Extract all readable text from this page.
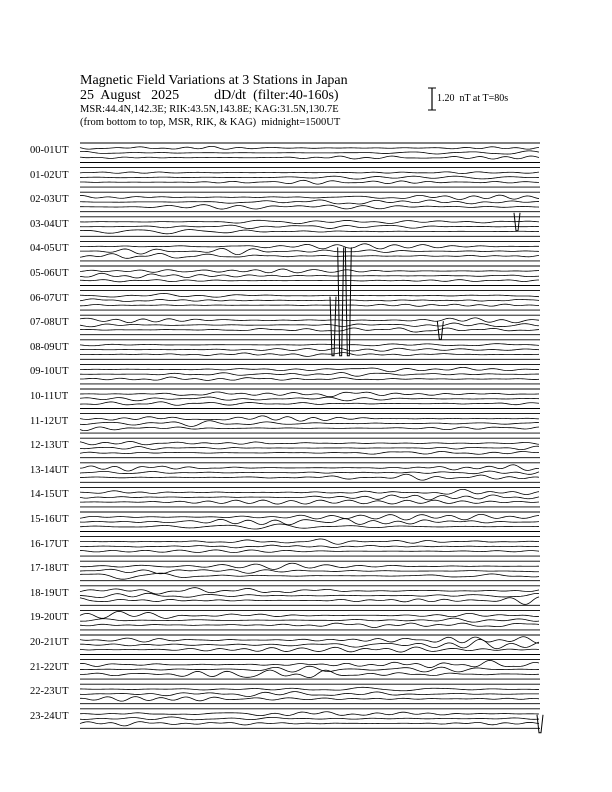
Magnetic Field Variations at 3 Stations in Japan
25  August   2025          dD/dt  (filter:40-160s)
MSR:44.4N,142.3E; RIK:43.5N,143.8E; KAG:31.5N,130.7E
(from bottom to top, MSR, RIK, & KAG)  midnight=1500UT
1.20  nT at T=80s
00-01UT
01-02UT
02-03UT
03-04UT
04-05UT
05-06UT
06-07UT
07-08UT
08-09UT
09-10UT
10-11UT
11-12UT
12-13UT
13-14UT
14-15UT
15-16UT
16-17UT
17-18UT
18-19UT
19-20UT
20-21UT
21-22UT
22-23UT
23-24UT
